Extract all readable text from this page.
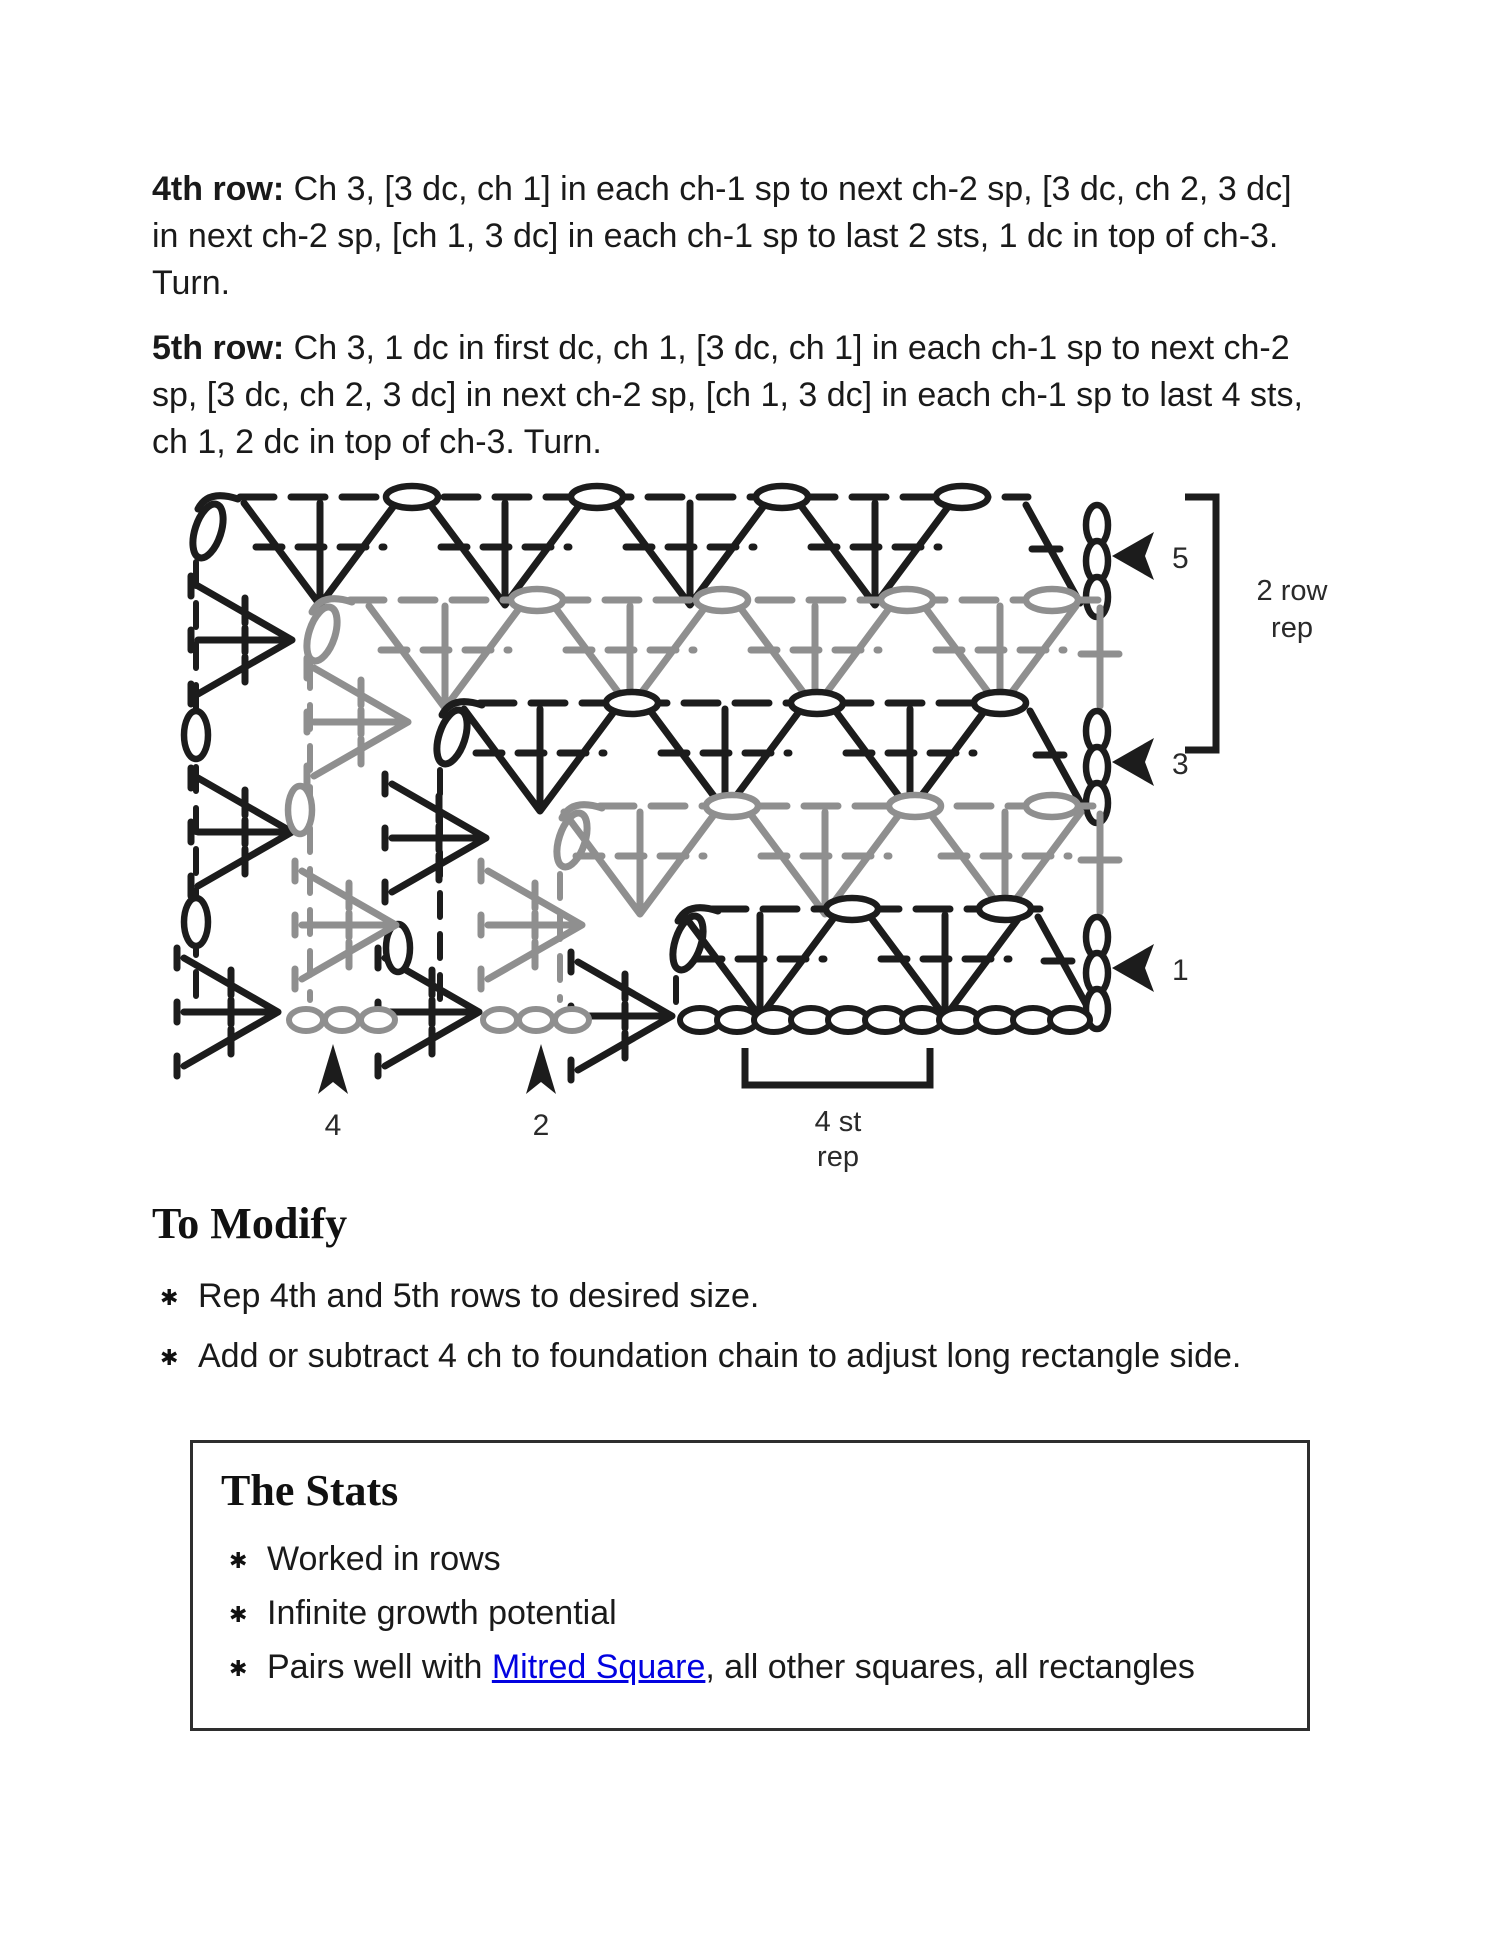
4th row: Ch 3, [3 dc, ch 1] in each ch-1 sp to next ch-2 sp, [3 dc, ch 2, 3 dc] in next ch-2 sp, [ch 1, 3 dc] in each ch-1 sp to last 2 sts, 1 dc in top of ch-3. Turn.

5th row: Ch 3, 1 dc in first dc, ch 1, [3 dc, ch 1] in each ch-1 sp to next ch-2 sp, [3 dc, ch 2, 3 dc] in next ch-2 sp, [ch 1, 3 dc] in each ch-1 sp to last 4 sts, ch 1, 2 dc in top of ch-3. Turn.

5
3
1
2 row
rep
4	2	4 st
rep
To Modify
✱ Rep 4th and 5th rows to desired size.
✱ Add or subtract 4 ch to foundation chain to adjust long rectangle side.
The Stats
✱ Worked in rows
✱ Infinite growth potential
✱ Pairs well with Mitred Square, all other squares, all rectangles
